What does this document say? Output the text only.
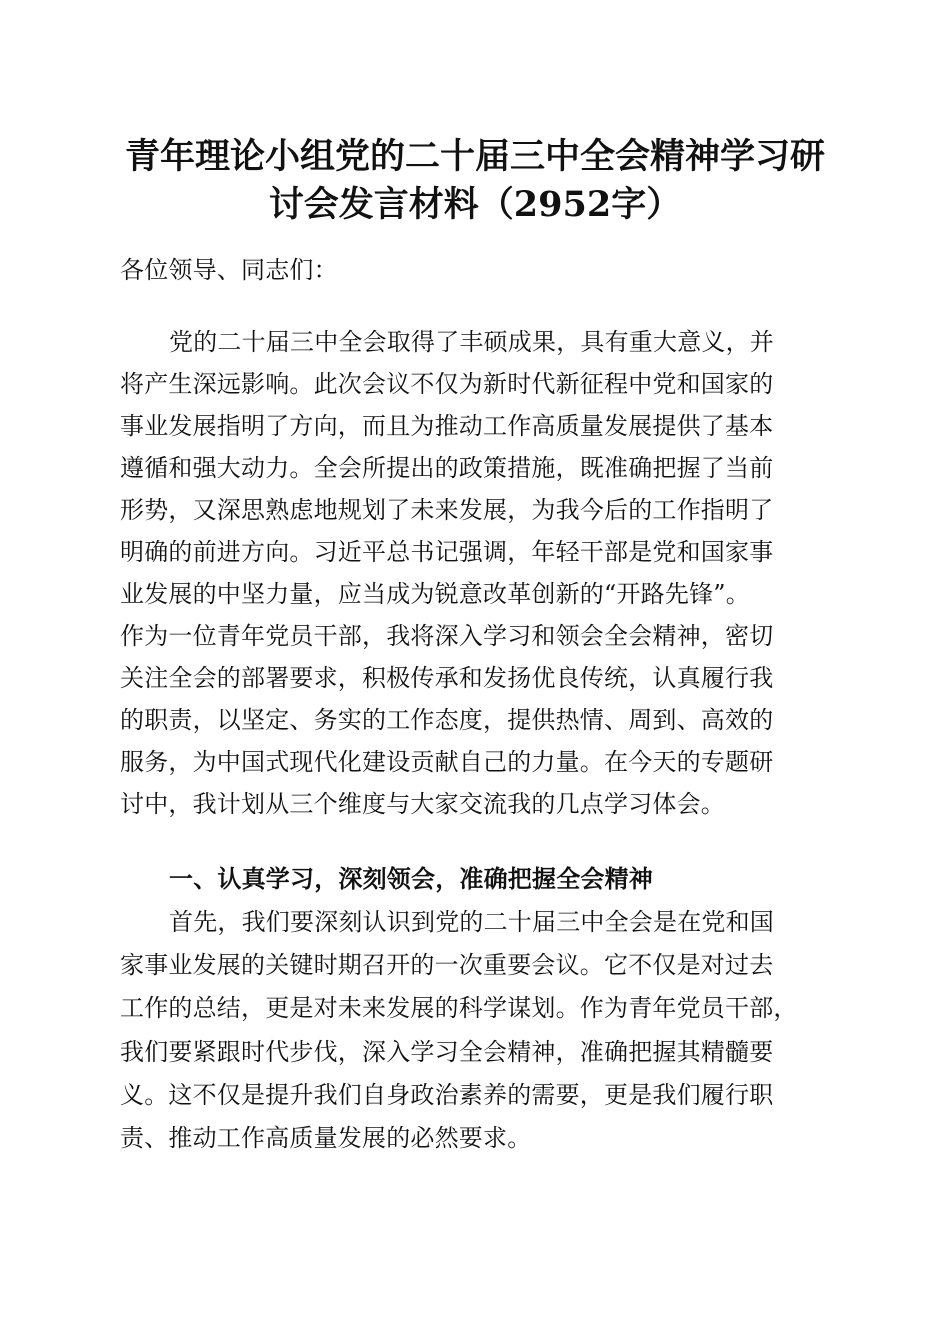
青年理论小组党的二十届三中全会精神学习研
讨会发言材料（2952字）
各位领导、同志们：
党的二十届三中全会取得了丰硕成果，具有重大意义，并
将产生深远影响。此次会议不仅为新时代新征程中党和国家的
事业发展指明了方向，而且为推动工作高质量发展提供了基本
遵循和强大动力。全会所提出的政策措施，既准确把握了当前
形势，又深思熟虑地规划了未来发展，为我今后的工作指明了
明确的前进方向。习近平总书记强调，年轻干部是党和国家事
业发展的中坚力量，应当成为锐意改革创新的“开路先锋”。
作为一位青年党员干部，我将深入学习和领会全会精神，密切
关注全会的部署要求，积极传承和发扬优良传统，认真履行我
的职责，以坚定、务实的工作态度，提供热情、周到、高效的
服务，为中国式现代化建设贡献自己的力量。在今天的专题研
讨中，我计划从三个维度与大家交流我的几点学习体会。
一、认真学习，深刻领会，准确把握全会精神
首先，我们要深刻认识到党的二十届三中全会是在党和国
家事业发展的关键时期召开的一次重要会议。它不仅是对过去
工作的总结，更是对未来发展的科学谋划。作为青年党员干部，
我们要紧跟时代步伐，深入学习全会精神，准确把握其精髓要
义。这不仅是提升我们自身政治素养的需要，更是我们履行职
责、推动工作高质量发展的必然要求。
